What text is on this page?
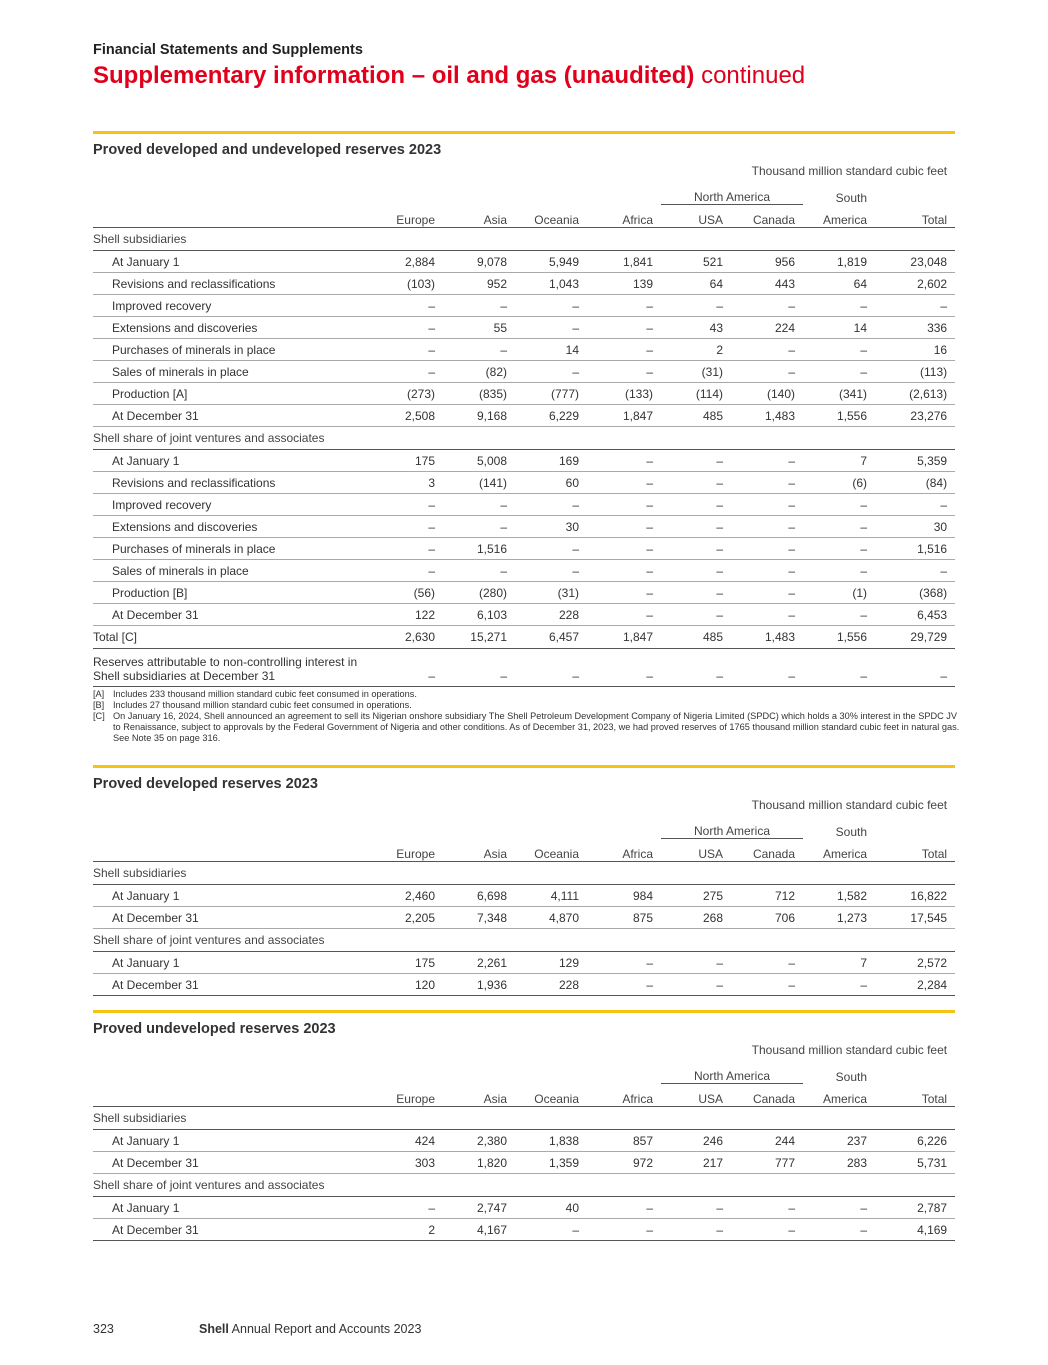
Financial Statements and Supplements
Supplementary information – oil and gas (unaudited) continued
Proved developed and undeveloped reserves 2023
Thousand million standard cubic feet								
					North America		South	
	Europe	Asia	Oceania	Africa	USA	Canada	America	Total
Shell subsidiaries								
At January 1	2,884	9,078	5,949	1,841	521	956	1,819	23,048
Revisions and reclassifications	(103)	952	1,043	139	64	443	64	2,602
Improved recovery	–	–	–	–	–	–	–	–
Extensions and discoveries	–	55	–	–	43	224	14	336
Purchases of minerals in place	–	–	14	–	2	–	–	16
Sales of minerals in place	–	(82)	–	–	(31)	–	–	(113)
Production [A]	(273)	(835)	(777)	(133)	(114)	(140)	(341)	(2,613)
At December 31	2,508	9,168	6,229	1,847	485	1,483	1,556	23,276
Shell share of joint ventures and associates								
At January 1	175	5,008	169	–	–	–	7	5,359
Revisions and reclassifications	3	(141)	60	–	–	–	(6)	(84)
Improved recovery	–	–	–	–	–	–	–	–
Extensions and discoveries	–	–	30	–	–	–	–	30
Purchases of minerals in place	–	1,516	–	–	–	–	–	1,516
Sales of minerals in place	–	–	–	–	–	–	–	–
Production [B]	(56)	(280)	(31)	–	–	–	(1)	(368)
At December 31	122	6,103	228	–	–	–	–	6,453
Total [C]	2,630	15,271	6,457	1,847	485	1,483	1,556	29,729

Reserves attributable to non-controlling interest in
Shell subsidiaries at December 31	–	–	–	–	–	–	–	–
[A] Includes 233 thousand million standard cubic feet consumed in operations.
[B] Includes 27 thousand million standard cubic feet consumed in operations.
[C] On January 16, 2024, Shell announced an agreement to sell its Nigerian onshore subsidiary The Shell Petroleum Development Company of Nigeria Limited (SPDC) which holds a 30% interest in the SPDC JV to Renaissance, subject to approvals by the Federal Government of Nigeria and other conditions. As of December 31, 2023, we had proved reserves of 1765 thousand million standard cubic feet in natural gas. See Note 35 on page 316.
Proved developed reserves 2023
Thousand million standard cubic feet								
					North America		South	
	Europe	Asia	Oceania	Africa	USA	Canada	America	Total
Shell subsidiaries								
At January 1	2,460	6,698	4,111	984	275	712	1,582	16,822
At December 31	2,205	7,348	4,870	875	268	706	1,273	17,545
Shell share of joint ventures and associates								
At January 1	175	2,261	129	–	–	–	7	2,572
At December 31	120	1,936	228	–	–	–	–	2,284
Proved undeveloped reserves 2023
Thousand million standard cubic feet								
					North America		South	
	Europe	Asia	Oceania	Africa	USA	Canada	America	Total
Shell subsidiaries								
At January 1	424	2,380	1,838	857	246	244	237	6,226
At December 31	303	1,820	1,359	972	217	777	283	5,731
Shell share of joint ventures and associates								
At January 1	–	2,747	40	–	–	–	–	2,787
At December 31	2	4,167	–	–	–	–	–	4,169
323	Shell Annual Report and Accounts 2023
